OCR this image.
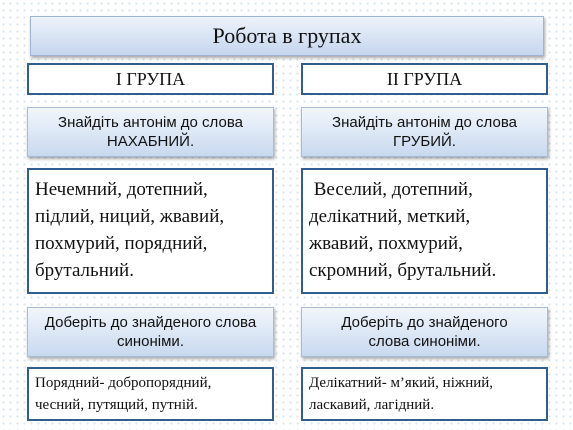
Робота в групах
I ГРУПА
Знайдіть антонім до слова
НАХАБНИЙ.
Нечемний, дотепний,
підлий, ниций, жвавий,
похмурий, порядний,
брутальний.
Доберіть до знайденого слова
синоніми.
Порядний- добропорядний,
чесний, путящий, путній.
II ГРУПА
Знайдіть антонім до слова
ГРУБИЙ.
Веселий, дотепний,
делікатний, меткий,
жвавий, похмурий,
скромний, брутальний.
Доберіть до знайденого
слова синоніми.
Делікатний- м’який, ніжний,
ласкавий, лагідний.
